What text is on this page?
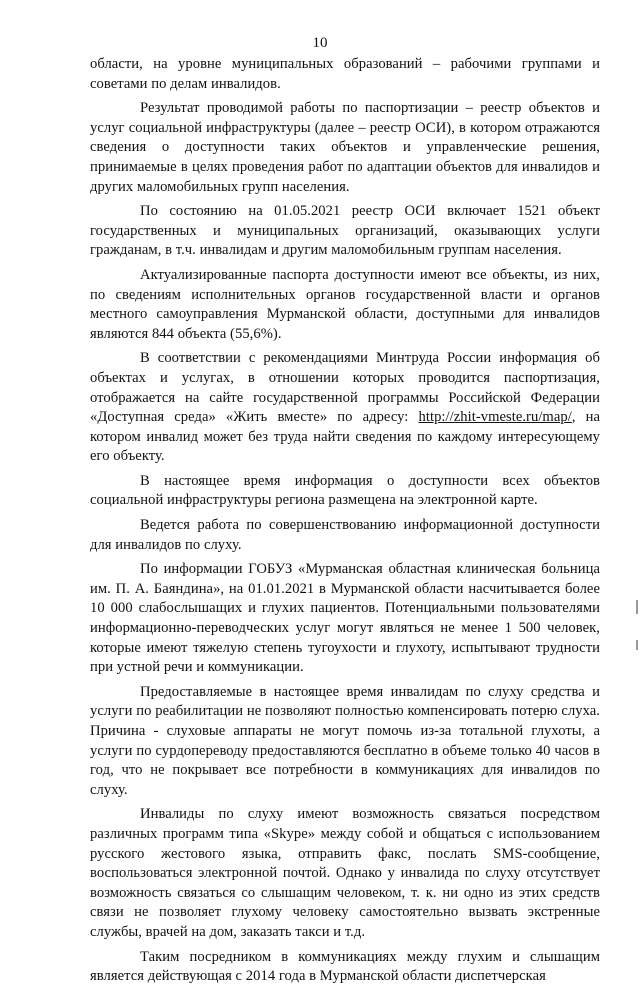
10

области, на уровне муниципальных образований – рабочими группами и советами по делам инвалидов.

Результат проводимой работы по паспортизации – реестр объектов и услуг социальной инфраструктуры (далее – реестр ОСИ), в котором отражаются сведения о доступности таких объектов и управленческие решения, принимаемые в целях проведения работ по адаптации объектов для инвалидов и других маломобильных групп населения.

По состоянию на 01.05.2021 реестр ОСИ включает 1521 объект государственных и муниципальных организаций, оказывающих услуги гражданам, в т.ч. инвалидам и другим маломобильным группам населения.

Актуализированные паспорта доступности имеют все объекты, из них, по сведениям исполнительных органов государственной власти и органов местного самоуправления Мурманской области, доступными для инвалидов являются 844 объекта (55,6%).

В соответствии с рекомендациями Минтруда России информация об объектах и услугах, в отношении которых проводится паспортизация, отображается на сайте государственной программы Российской Федерации «Доступная среда» «Жить вместе» по адресу: http://zhit-vmeste.ru/map/, на котором инвалид может без труда найти сведения по каждому интересующему его объекту.

В настоящее время информация о доступности всех объектов социальной инфраструктуры региона размещена на электронной карте.

Ведется работа по совершенствованию информационной доступности для инвалидов по слуху.

По информации ГОБУЗ «Мурманская областная клиническая больница им. П. А. Баяндина», на 01.01.2021 в Мурманской области насчитывается более 10 000 слабослышащих и глухих пациентов. Потенциальными пользователями информационно-переводческих услуг могут являться не менее 1 500 человек, которые имеют тяжелую степень тугоухости и глухоту, испытывают трудности при устной речи и коммуникации.

Предоставляемые в настоящее время инвалидам по слуху средства и услуги по реабилитации не позволяют полностью компенсировать потерю слуха. Причина - слуховые аппараты не могут помочь из-за тотальной глухоты, а услуги по сурдопереводу предоставляются бесплатно в объеме только 40 часов в год, что не покрывает все потребности в коммуникациях для инвалидов по слуху.

Инвалиды по слуху имеют возможность связаться посредством различных программ типа «Skype» между собой и общаться с использованием русского жестового языка, отправить факс, послать SMS-сообщение, воспользоваться электронной почтой. Однако у инвалида по слуху отсутствует возможность связаться со слышащим человеком, т. к. ни одно из этих средств связи не позволяет глухому человеку самостоятельно вызвать экстренные службы, врачей на дом, заказать такси и т.д.

Таким посредником в коммуникациях между глухим и слышащим является действующая с 2014 года в Мурманской области диспетчерская
